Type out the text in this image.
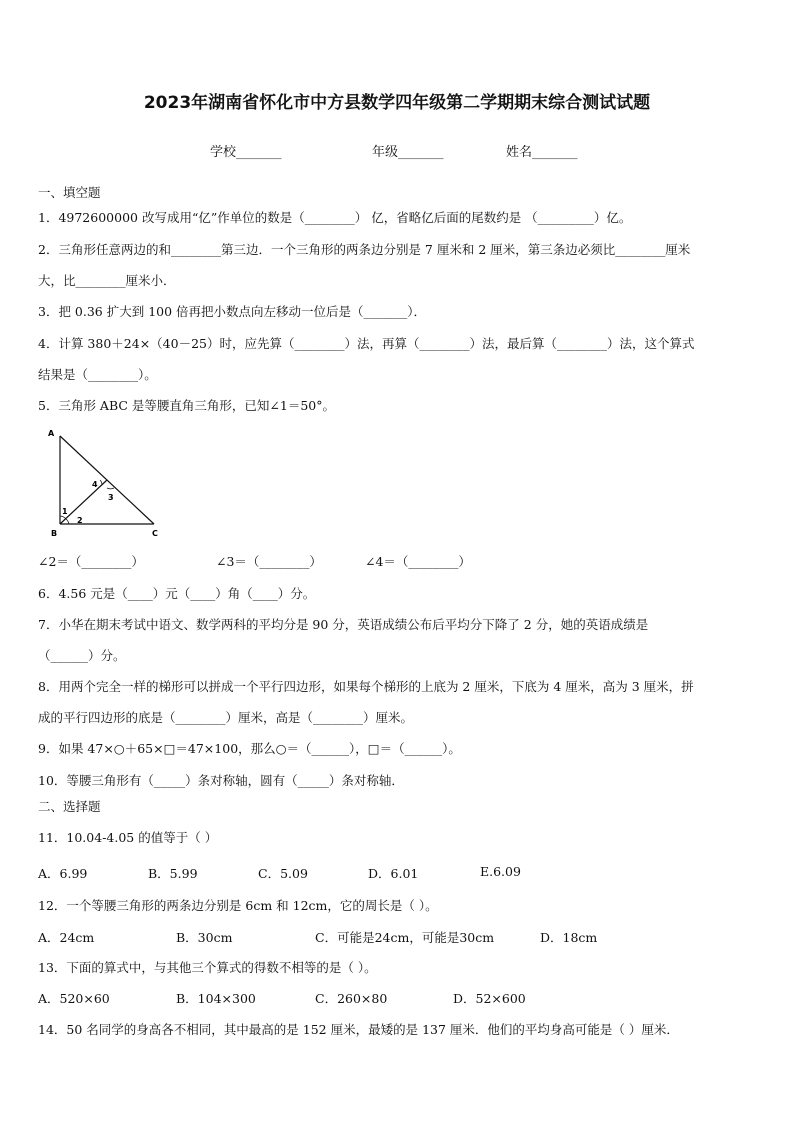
2023年湖南省怀化市中方县数学四年级第二学期期末综合测试试题
学校_______	年级_______	姓名_______
一、填空题
1．4972600000 改写成用“亿”作单位的数是（________） 亿，省略亿后面的尾数约是 （_________）亿。
2．三角形任意两边的和________第三边．一个三角形的两条边分别是 7 厘米和 2 厘米，第三条边必须比________厘米
大，比________厘米小．
3．把 0.36 扩大到 100 倍再把小数点向左移动一位后是（_______）．
4．计算 380＋24×（40－25）时，应先算（________）法，再算（________）法，最后算（________）法，这个算式
结果是（________）。
5．三角形 ABC 是等腰直角三角形，已知∠1＝50°。
A
B	C
1
2
3
4
∠2＝（________）	∠3＝（________）	∠4＝（________）
6．4.56 元是（____）元（____）角（____）分。
7．小华在期末考试中语文、数学两科的平均分是 90 分，英语成绩公布后平均分下降了 2 分，她的英语成绩是
（______）分。
8．用两个完全一样的梯形可以拼成一个平行四边形，如果每个梯形的上底为 2 厘米，下底为 4 厘米，高为 3 厘米，拼
成的平行四边形的底是（________）厘米，高是（________）厘米。
9．如果 47×○＋65×□＝47×100，那么○＝（______），□＝（______）。
10．等腰三角形有（_____）条对称轴，圆有（_____）条对称轴．
二、选择题
11．10.04-4.05 的值等于（ ）
A．6.99	B．5.99	C．5.09	D．6.01	E.6.09
12．一个等腰三角形的两条边分别是 6cm 和 12cm，它的周长是（ ）。
A．24cm	B．30cm	C．可能是24cm，可能是30cm	D．18cm
13．下面的算式中，与其他三个算式的得数不相等的是（ ）。
A．520×60	B．104×300	C．260×80	D．52×600
14．50 名同学的身高各不相同，其中最高的是 152 厘米，最矮的是 137 厘米．他们的平均身高可能是（ ）厘米．
